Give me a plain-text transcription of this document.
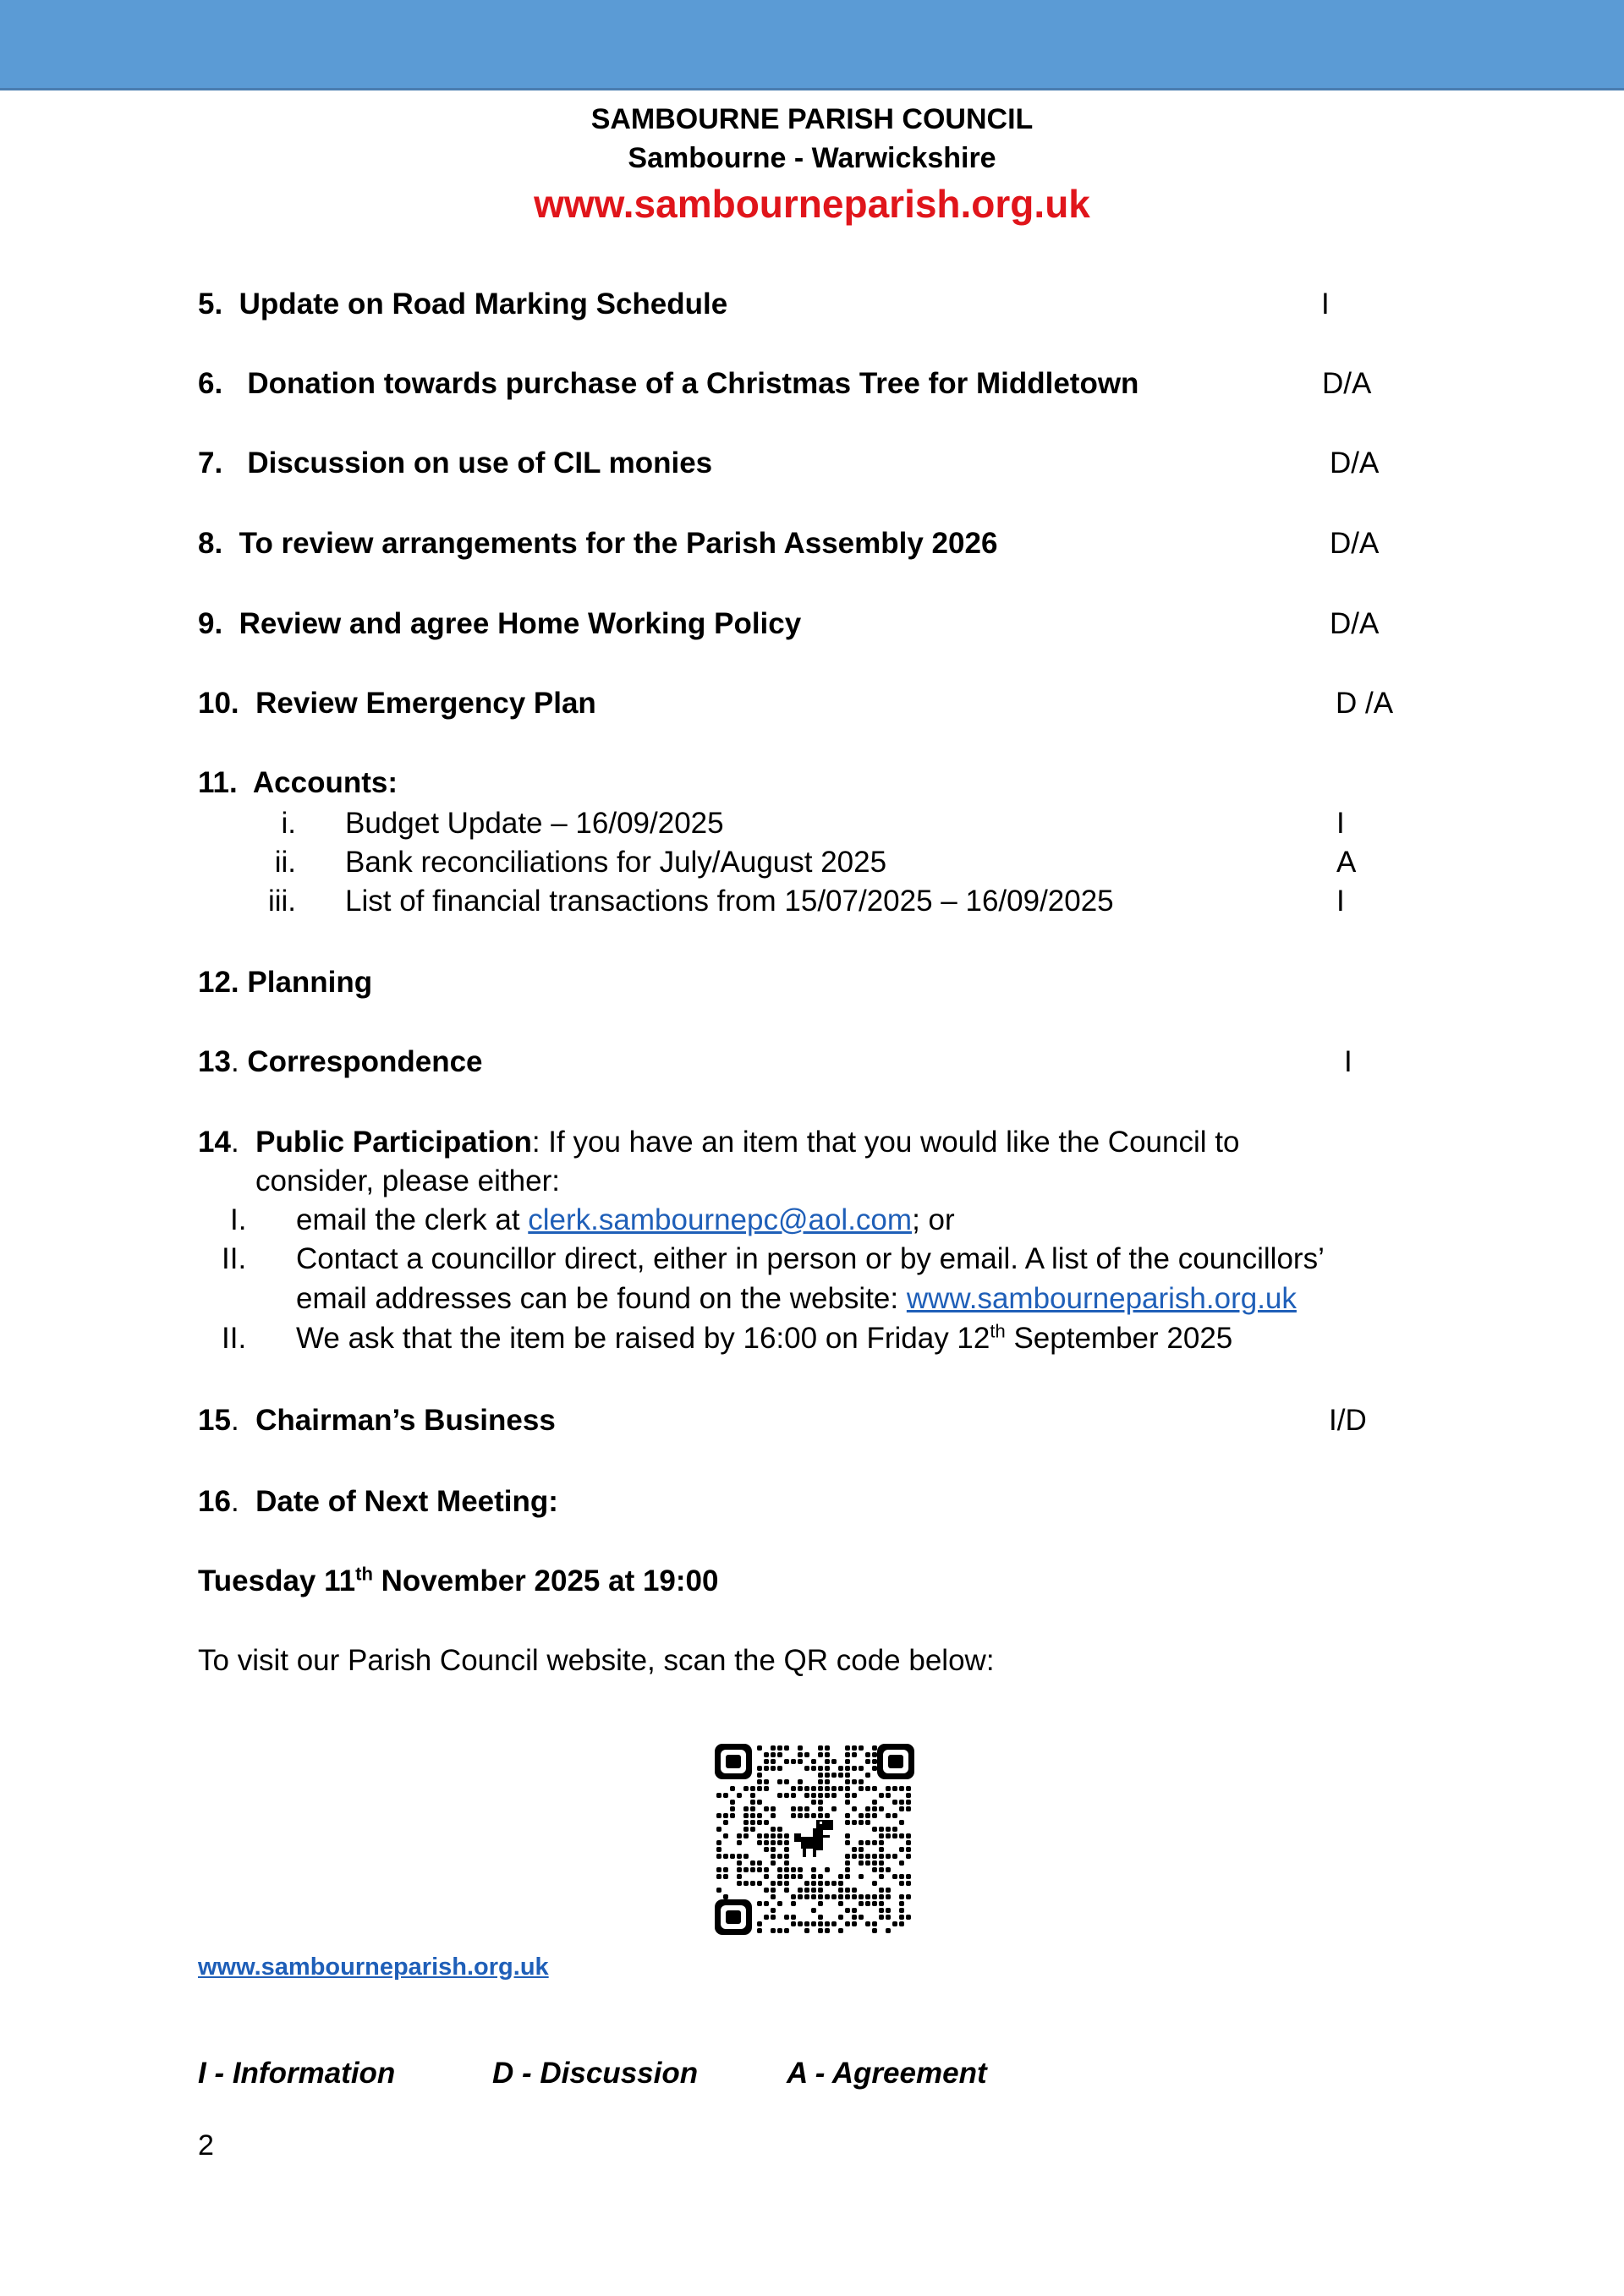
SAMBOURNE PARISH COUNCIL
Sambourne - Warwickshire
www.sambourneparish.org.uk
5. Update on Road Marking Schedule	I
6. Donation towards purchase of a Christmas Tree for Middletown	D/A
7. Discussion on use of CIL monies	D/A
8. To review arrangements for the Parish Assembly 2026	D/A
9. Review and agree Home Working Policy	D/A
10. Review Emergency Plan	D /A
11. Accounts:
i. Budget Update – 16/09/2025	I
ii. Bank reconciliations for July/August 2025	A
iii. List of financial transactions from 15/07/2025 – 16/09/2025	I
12. Planning
13. Correspondence	I
14. Public Participation: If you have an item that you would like the Council to
consider, please either:
I. email the clerk at clerk.sambournepc@aol.com; or
II. Contact a councillor direct, either in person or by email. A list of the councillors’
email addresses can be found on the website: www.sambourneparish.org.uk
II. We ask that the item be raised by 16:00 on Friday 12th September 2025
15. Chairman’s Business	I/D
16. Date of Next Meeting:
Tuesday 11th November 2025 at 19:00
To visit our Parish Council website, scan the QR code below:
www.sambourneparish.org.uk
I - Information	D - Discussion	A - Agreement
2
